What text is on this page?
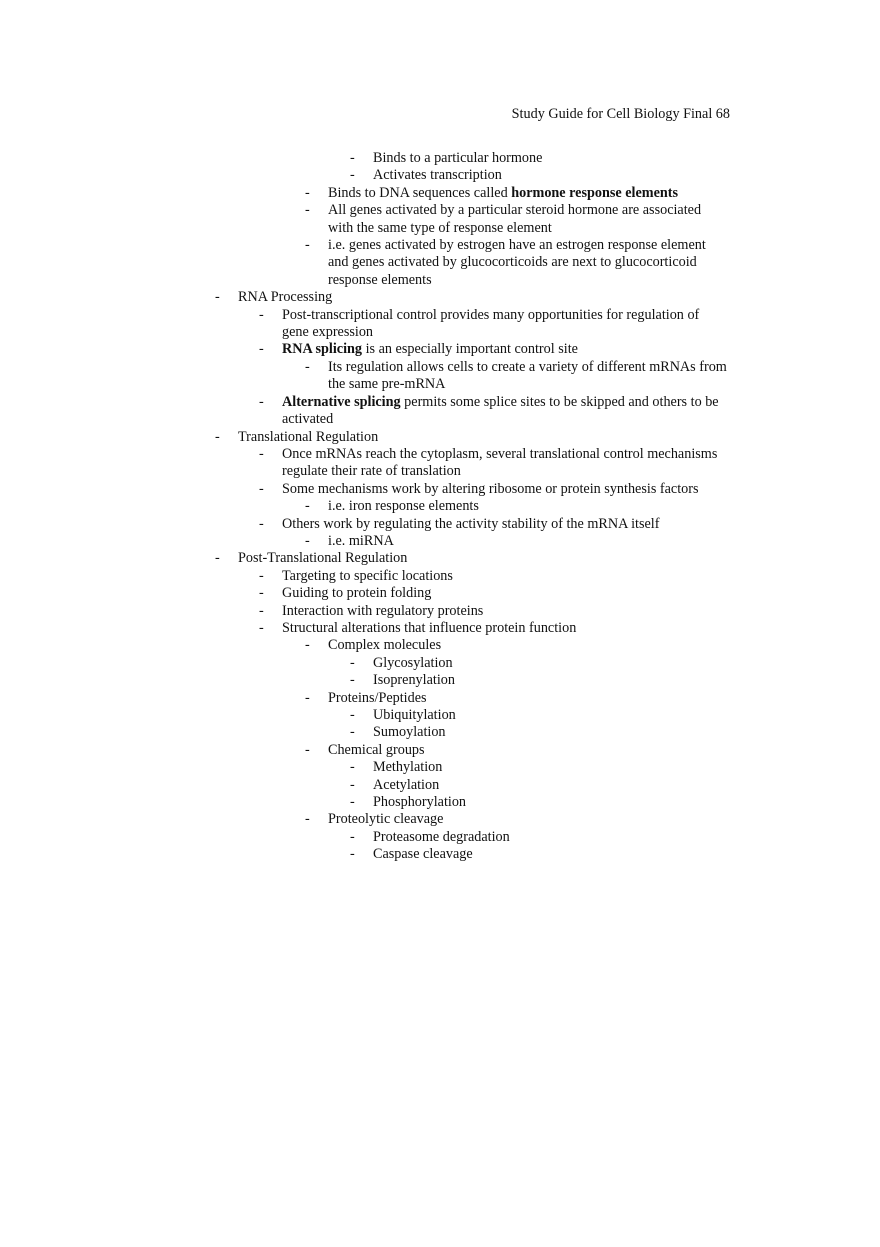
Study Guide for Cell Biology Final 68
- Binds to a particular hormone
- Activates transcription
- Binds to DNA sequences called hormone response elements
- All genes activated by a particular steroid hormone are associated with the same type of response element
- i.e. genes activated by estrogen have an estrogen response element and genes activated by glucocorticoids are next to glucocorticoid response elements
- RNA Processing
- Post-transcriptional control provides many opportunities for regulation of gene expression
- RNA splicing is an especially important control site
- Its regulation allows cells to create a variety of different mRNAs from the same pre-mRNA
- Alternative splicing permits some splice sites to be skipped and others to be activated
- Translational Regulation
- Once mRNAs reach the cytoplasm, several translational control mechanisms regulate their rate of translation
- Some mechanisms work by altering ribosome or protein synthesis factors
- i.e. iron response elements
- Others work by regulating the activity stability of the mRNA itself
- i.e. miRNA
- Post-Translational Regulation
- Targeting to specific locations
- Guiding to protein folding
- Interaction with regulatory proteins
- Structural alterations that influence protein function
- Complex molecules
- Glycosylation
- Isoprenylation
- Proteins/Peptides
- Ubiquitylation
- Sumoylation
- Chemical groups
- Methylation
- Acetylation
- Phosphorylation
- Proteolytic cleavage
- Proteasome degradation
- Caspase cleavage
